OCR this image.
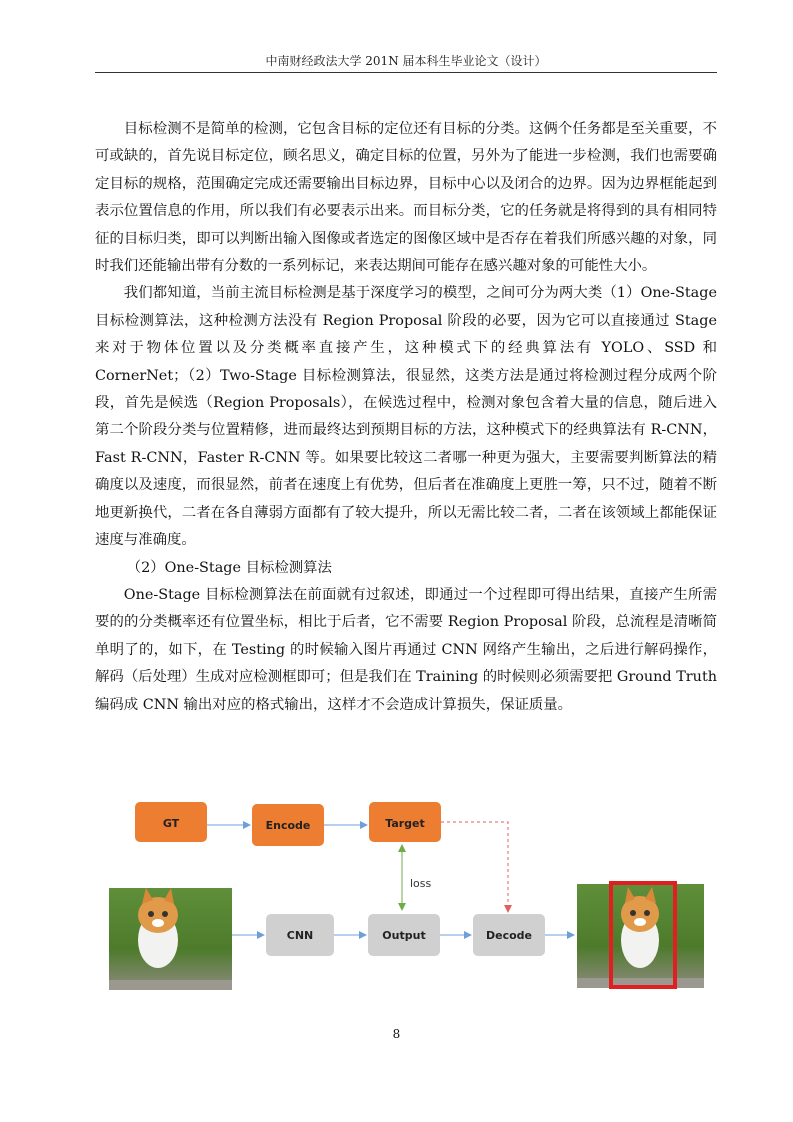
中南财经政法大学 201N 届本科生毕业论文（设计）

目标检测不是简单的检测，它包含目标的定位还有目标的分类。这俩个任务都是至关重要，不可或缺的，首先说目标定位，顾名思义，确定目标的位置，另外为了能进一步检测，我们也需要确定目标的规格，范围确定完成还需要输出目标边界，目标中心以及闭合的边界。因为边界框能起到表示位置信息的作用，所以我们有必要表示出来。而目标分类，它的任务就是将得到的具有相同特征的目标归类，即可以判断出输入图像或者选定的图像区域中是否存在着我们所感兴趣的对象，同时我们还能输出带有分数的一系列标记，来表达期间可能存在感兴趣对象的可能性大小。

我们都知道，当前主流目标检测是基于深度学习的模型，之间可分为两大类（1）One-Stage 目标检测算法，这种检测方法没有 Region Proposal 阶段的必要，因为它可以直接通过 Stage 来对于物体位置以及分类概率直接产生，这种模式下的经典算法有 YOLO、SSD 和 CornerNet；（2）Two-Stage 目标检测算法，很显然，这类方法是通过将检测过程分成两个阶段，首先是候选（Region Proposals），在候选过程中，检测对象包含着大量的信息，随后进入第二个阶段分类与位置精修，进而最终达到预期目标的方法，这种模式下的经典算法有 R-CNN，Fast R-CNN，Faster R-CNN 等。如果要比较这二者哪一种更为强大，主要需要判断算法的精确度以及速度，而很显然，前者在速度上有优势，但后者在准确度上更胜一筹，只不过，随着不断地更新换代，二者在各自薄弱方面都有了较大提升，所以无需比较二者，二者在该领域上都能保证速度与准确度。

（2）One-Stage 目标检测算法

One-Stage 目标检测算法在前面就有过叙述，即通过一个过程即可得出结果，直接产生所需要的的分类概率还有位置坐标，相比于后者，它不需要 Region Proposal 阶段，总流程是清晰简单明了的，如下，在 Testing 的时候输入图片再通过 CNN 网络产生输出，之后进行解码操作，解码（后处理）生成对应检测框即可；但是我们在 Training 的时候则必须需要把 Ground Truth 编码成 CNN 输出对应的格式输出，这样才不会造成计算损失，保证质量。

GT	Encode	Target
loss
CNN	Output	Decode
8
